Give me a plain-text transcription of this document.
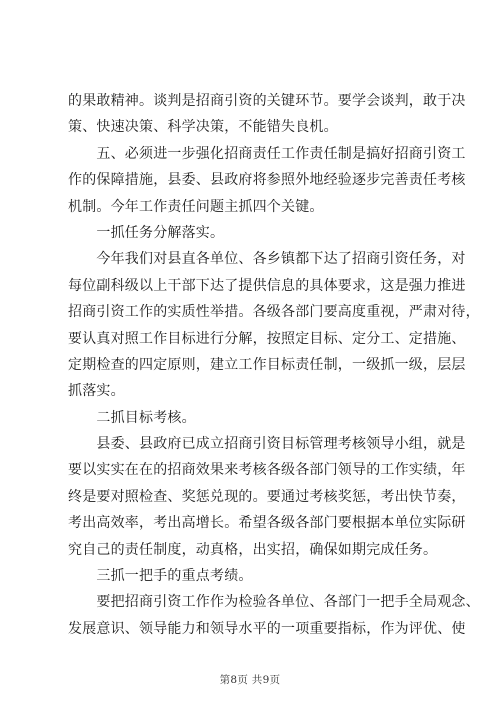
的果敢精神。谈判是招商引资的关键环节。要学会谈判，敢于决
策、快速决策、科学决策，不能错失良机。
　　五、必须进一步强化招商责任工作责任制是搞好招商引资工
作的保障措施，县委、县政府将参照外地经验逐步完善责任考核
机制。今年工作责任问题主抓四个关键。
　　一抓任务分解落实。
　　今年我们对县直各单位、各乡镇都下达了招商引资任务，对
每位副科级以上干部下达了提供信息的具体要求，这是强力推进
招商引资工作的实质性举措。各级各部门要高度重视，严肃对待，
要认真对照工作目标进行分解，按照定目标、定分工、定措施、
定期检查的四定原则，建立工作目标责任制，一级抓一级，层层
抓落实。
　　二抓目标考核。
　　县委、县政府已成立招商引资目标管理考核领导小组，就是
要以实实在在的招商效果来考核各级各部门领导的工作实绩，年
终是要对照检查、奖惩兑现的。要通过考核奖惩，考出快节奏，
考出高效率，考出高增长。希望各级各部门要根据本单位实际研
究自己的责任制度，动真格，出实招，确保如期完成任务。
　　三抓一把手的重点考绩。
　　要把招商引资工作作为检验各单位、各部门一把手全局观念、
发展意识、领导能力和领导水平的一项重要指标，作为评优、使
第8页 共9页
